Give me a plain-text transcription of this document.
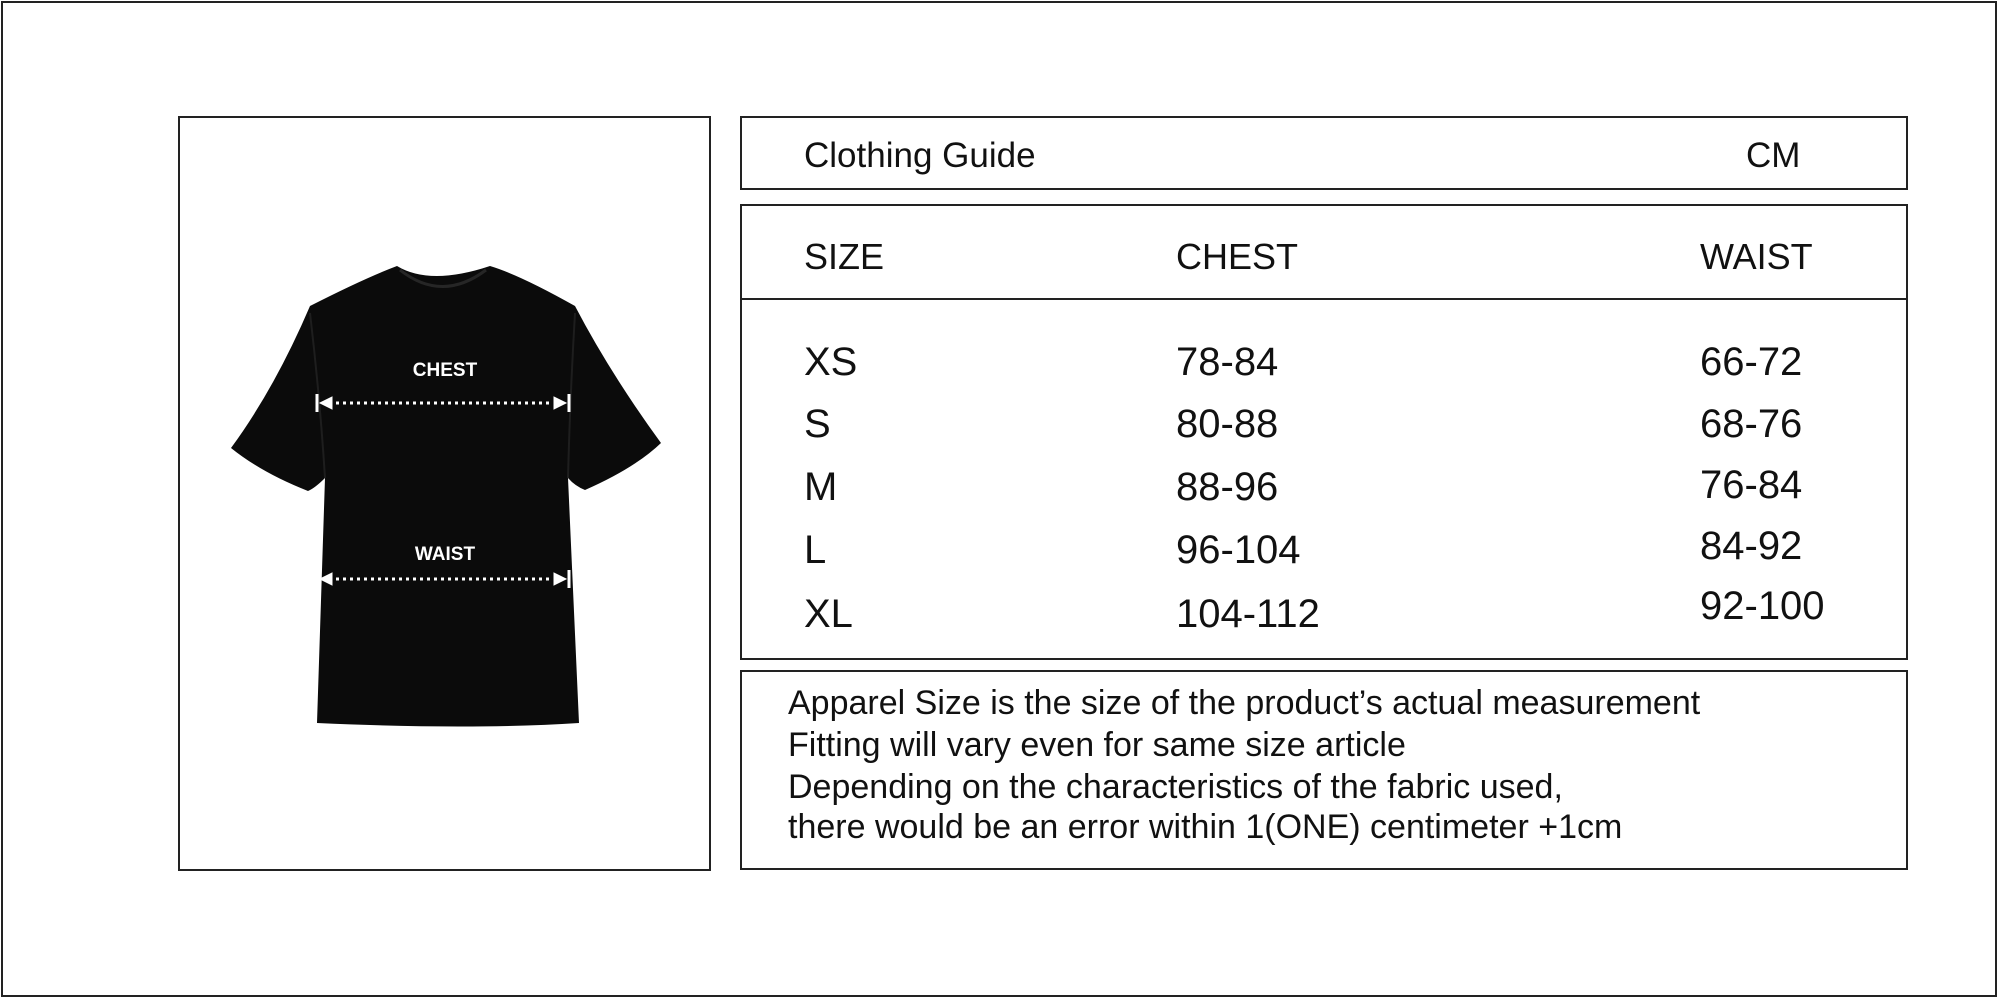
CHEST
WAIST
Clothing Guide	CM
SIZE	CHEST	WAIST
XS	78-84	66-72
S	80-88	68-76
M	88-96	76-84
L	96-104	84-92
XL	104-112	92-100
Apparel Size is the size of the product’s actual measurement
Fitting will vary even for same size article
Depending on the characteristics of the fabric used,
there would be an error within 1(ONE) centimeter +1cm
